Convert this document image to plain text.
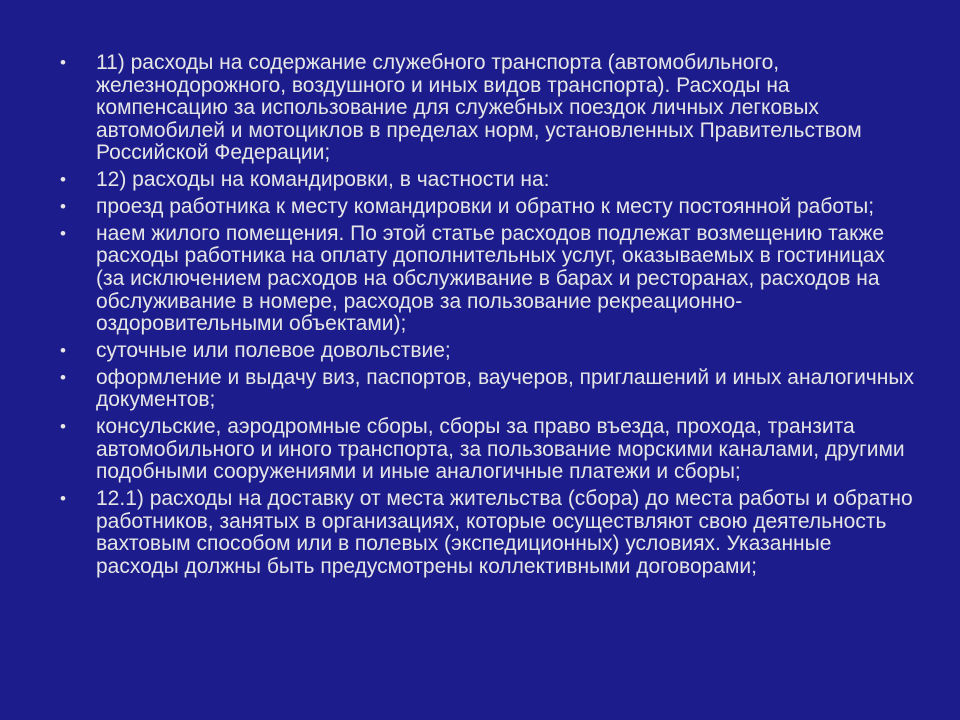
• 11) расходы на содержание служебного транспорта (автомобильного, железнодорожного, воздушного и иных видов транспорта). Расходы на компенсацию за использование для служебных поездок личных легковых автомобилей и мотоциклов в пределах норм, установленных Правительством Российской Федерации;
• 12) расходы на командировки, в частности на:
• проезд работника к месту командировки и обратно к месту постоянной работы;
• наем жилого помещения. По этой статье расходов подлежат возмещению также расходы работника на оплату дополнительных услуг, оказываемых в гостиницах (за исключением расходов на обслуживание в барах и ресторанах, расходов на обслуживание в номере, расходов за пользование рекреационно-оздоровительными объектами);
• суточные или полевое довольствие;
• оформление и выдачу виз, паспортов, ваучеров, приглашений и иных аналогичных документов;
• консульские, аэродромные сборы, сборы за право въезда, прохода, транзита автомобильного и иного транспорта, за пользование морскими каналами, другими подобными сооружениями и иные аналогичные платежи и сборы;
• 12.1) расходы на доставку от места жительства (сбора) до места работы и обратно работников, занятых в организациях, которые осуществляют свою деятельность вахтовым способом или в полевых (экспедиционных) условиях. Указанные расходы должны быть предусмотрены коллективными договорами;
